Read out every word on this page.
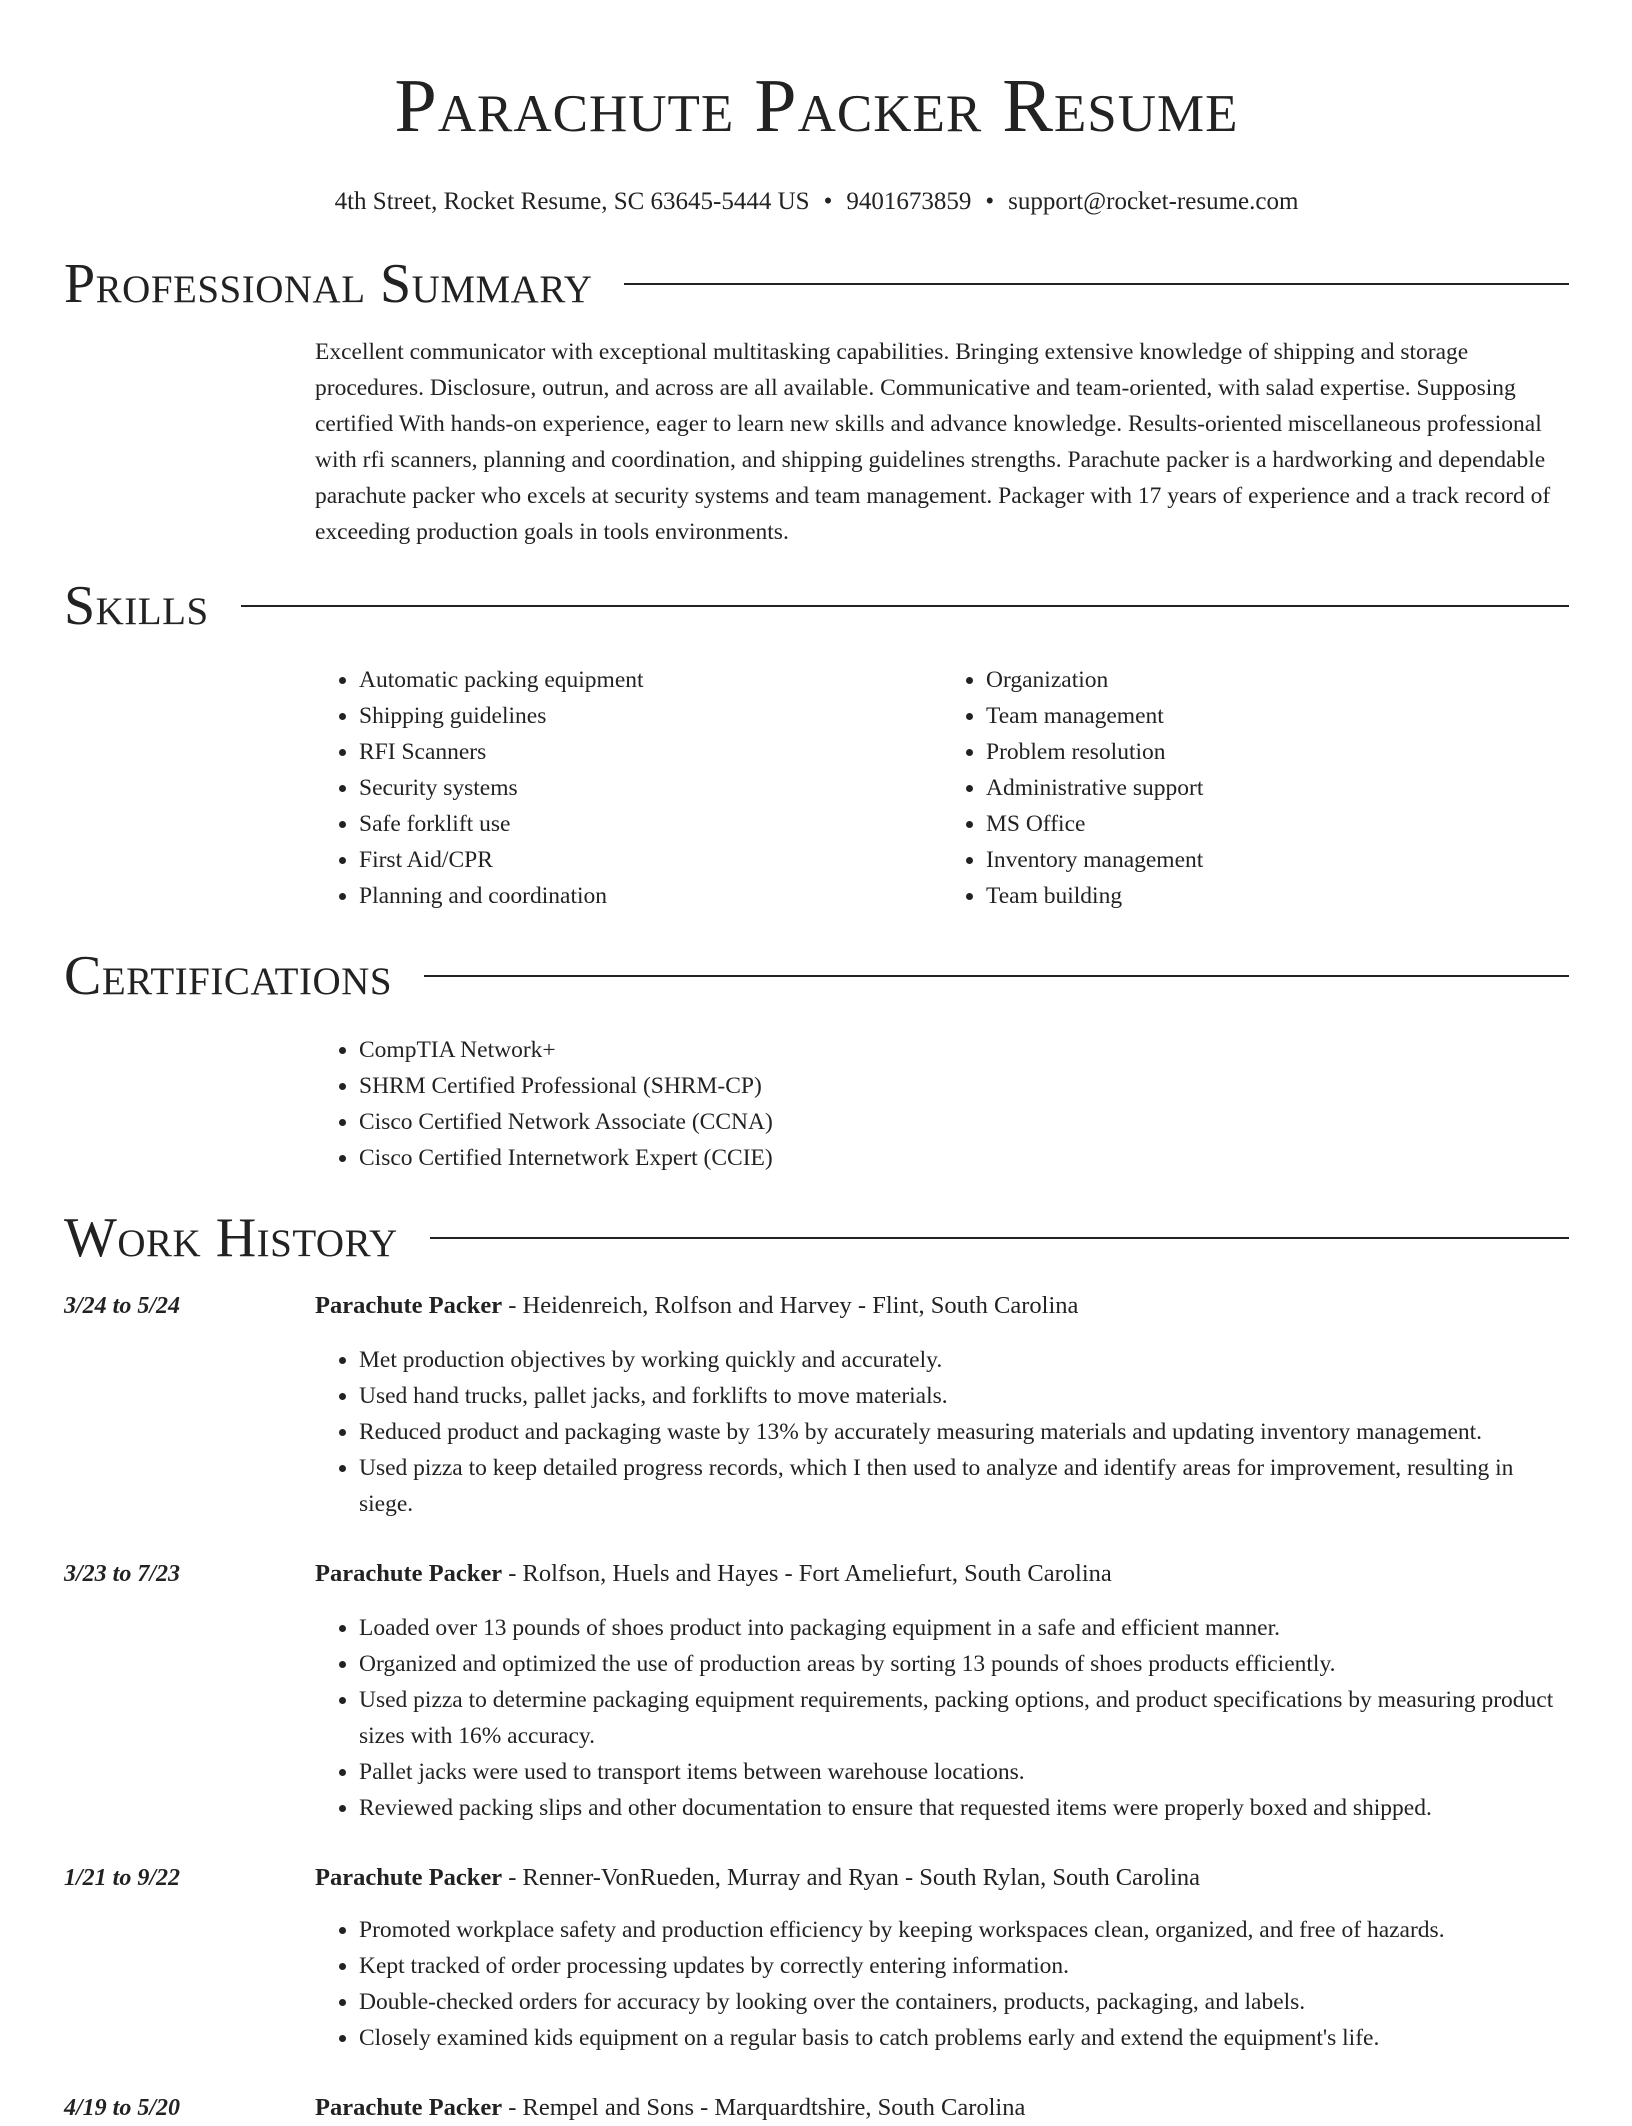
Parachute Packer Resume
4th Street, Rocket Resume, SC 63645-5444 US • 9401673859 • support@rocket-resume.com
Professional Summary

Excellent communicator with exceptional multitasking capabilities. Bringing extensive knowledge of shipping and storage procedures. Disclosure, outrun, and across are all available. Communicative and team-oriented, with salad expertise. Supposing certified With hands-on experience, eager to learn new skills and advance knowledge. Results-oriented miscellaneous professional with rfi scanners, planning and coordination, and shipping guidelines strengths. Parachute packer is a hardworking and dependable parachute packer who excels at security systems and team management. Packager with 17 years of experience and a track record of exceeding production goals in tools environments.

Skills
• Automatic packing equipment
• Shipping guidelines
• RFI Scanners
• Security systems
• Safe forklift use
• First Aid/CPR
• Planning and coordination
• Organization
• Team management
• Problem resolution
• Administrative support
• MS Office
• Inventory management
• Team building
Certifications
• CompTIA Network+
• SHRM Certified Professional (SHRM-CP)
• Cisco Certified Network Associate (CCNA)
• Cisco Certified Internetwork Expert (CCIE)
Work History
3/24 to 5/24	Parachute Packer - Heidenreich, Rolfson and Harvey - Flint, South Carolina
• Met production objectives by working quickly and accurately.
• Used hand trucks, pallet jacks, and forklifts to move materials.
• Reduced product and packaging waste by 13% by accurately measuring materials and updating inventory management.
• Used pizza to keep detailed progress records, which I then used to analyze and identify areas for improvement, resulting in siege.
3/23 to 7/23	Parachute Packer - Rolfson, Huels and Hayes - Fort Ameliefurt, South Carolina
• Loaded over 13 pounds of shoes product into packaging equipment in a safe and efficient manner.
• Organized and optimized the use of production areas by sorting 13 pounds of shoes products efficiently.
• Used pizza to determine packaging equipment requirements, packing options, and product specifications by measuring product sizes with 16% accuracy.
• Pallet jacks were used to transport items between warehouse locations.
• Reviewed packing slips and other documentation to ensure that requested items were properly boxed and shipped.
1/21 to 9/22	Parachute Packer - Renner-VonRueden, Murray and Ryan - South Rylan, South Carolina
• Promoted workplace safety and production efficiency by keeping workspaces clean, organized, and free of hazards.
• Kept tracked of order processing updates by correctly entering information.
• Double-checked orders for accuracy by looking over the containers, products, packaging, and labels.
• Closely examined kids equipment on a regular basis to catch problems early and extend the equipment's life.
4/19 to 5/20	Parachute Packer - Rempel and Sons - Marquardtshire, South Carolina
